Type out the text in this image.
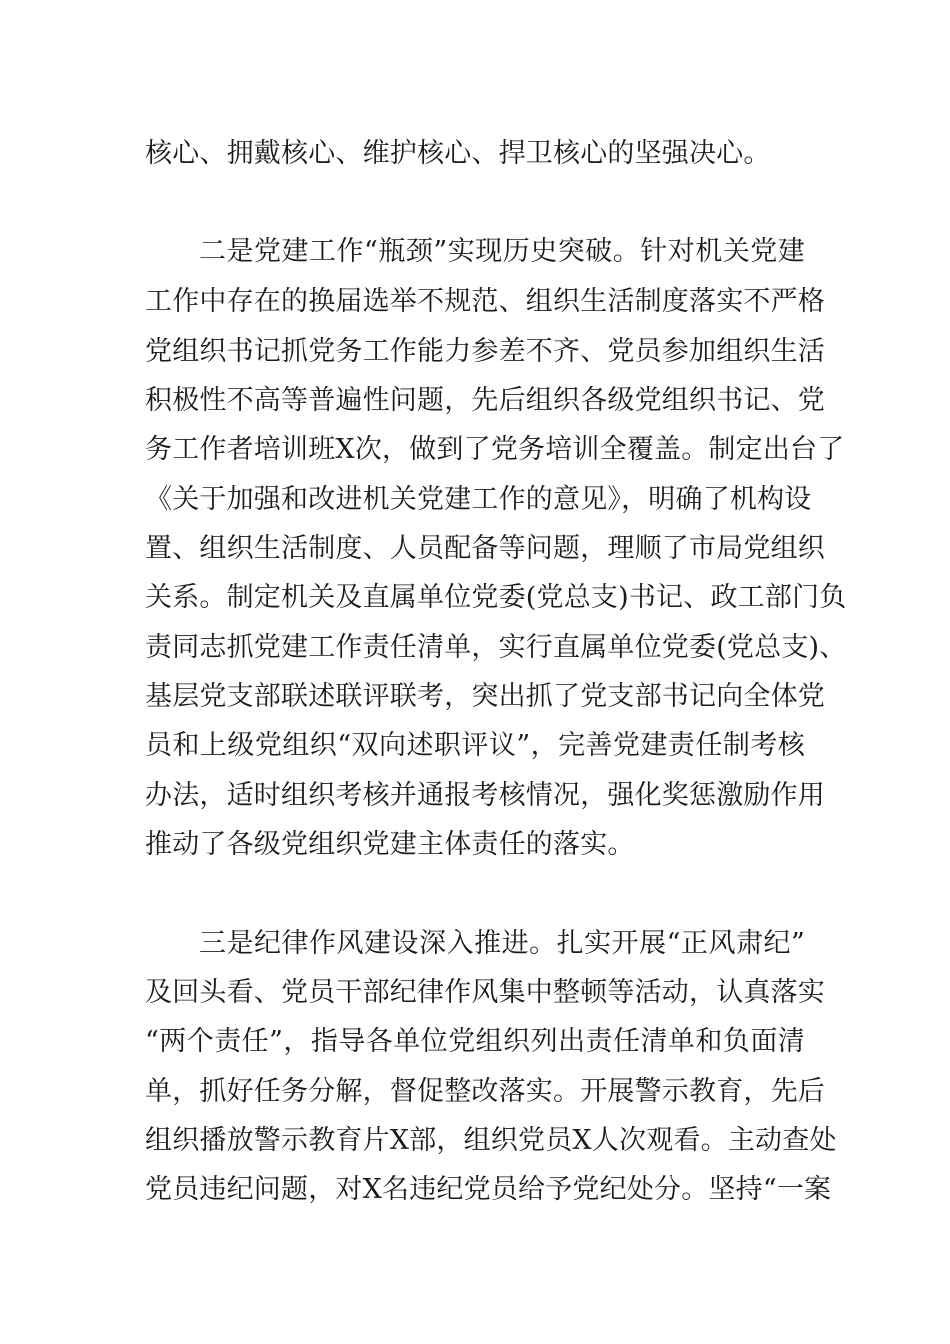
核心、拥戴核心、维护核心、捍卫核心的坚强决心。
二是党建工作“瓶颈”实现历史突破。针对机关党建
工作中存在的换届选举不规范、组织生活制度落实不严格
党组织书记抓党务工作能力参差不齐、党员参加组织生活
积极性不高等普遍性问题，先后组织各级党组织书记、党
务工作者培训班X次，做到了党务培训全覆盖。制定出台了
《关于加强和改进机关党建工作的意见》，明确了机构设
置、组织生活制度、人员配备等问题，理顺了市局党组织
关系。制定机关及直属单位党委(党总支)书记、政工部门负
责同志抓党建工作责任清单，实行直属单位党委(党总支)、
基层党支部联述联评联考，突出抓了党支部书记向全体党
员和上级党组织“双向述职评议”，完善党建责任制考核
办法，适时组织考核并通报考核情况，强化奖惩激励作用
推动了各级党组织党建主体责任的落实。
三是纪律作风建设深入推进。扎实开展“正风肃纪”
及回头看、党员干部纪律作风集中整顿等活动，认真落实
“两个责任”，指导各单位党组织列出责任清单和负面清
单，抓好任务分解，督促整改落实。开展警示教育，先后
组织播放警示教育片X部，组织党员X人次观看。主动查处
党员违纪问题，对X名违纪党员给予党纪处分。坚持“一案
